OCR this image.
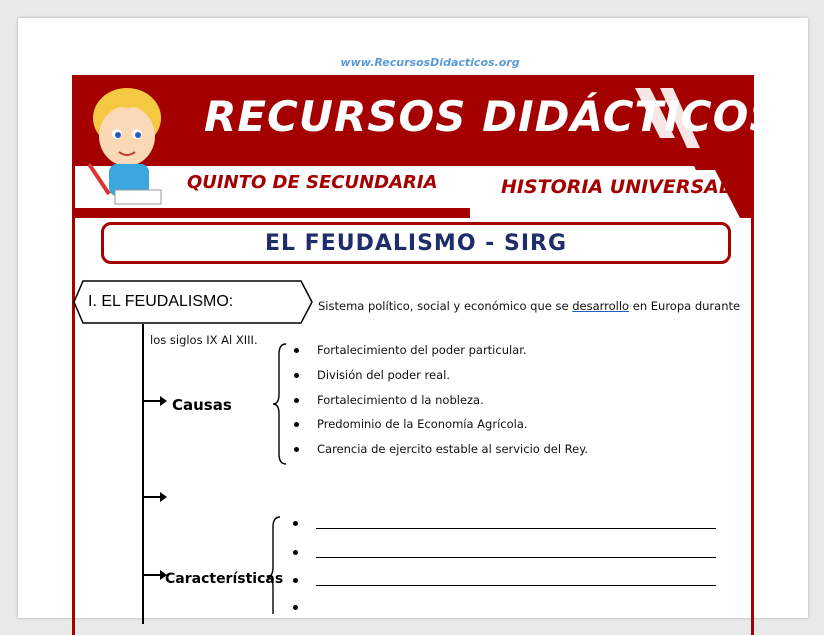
www.RecursosDidacticos.org
RECURSOS DIDÁCTICOS
QUINTO DE SECUNDARIA	HISTORIA UNIVERSAL
EL FEUDALISMO - SIRG
I. EL FEUDALISMO:	Sistema político, social y económico que se desarrollo en Europa durante
los siglos IX Al XIII.
Causas
Fortalecimiento del poder particular.
División del poder real.
Fortalecimiento d la nobleza.
Predominio de la Economía Agrícola.
Carencia de ejercito estable al servicio del Rey.
Características
